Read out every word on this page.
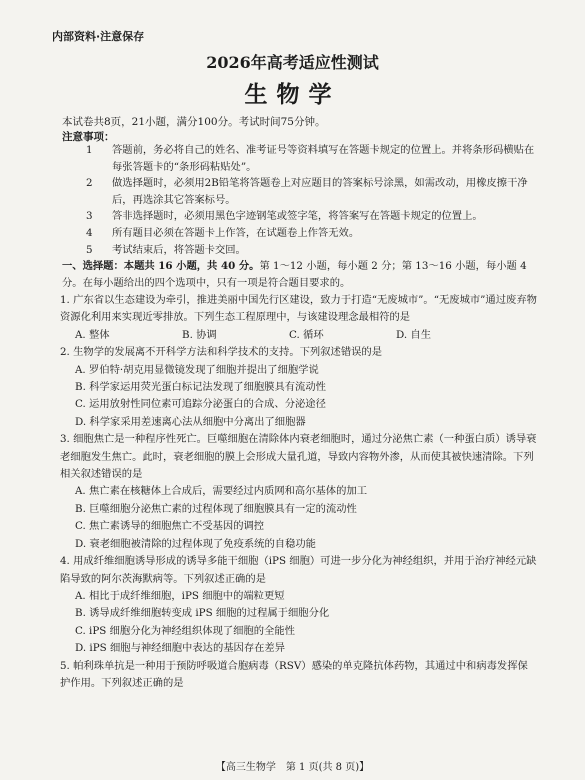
内部资料·注意保存
2026年高考适应性测试
生物学
本试卷共8页，21小题，满分100分。考试时间75分钟。
注意事项：
1	答题前，务必将自己的姓名、准考证号等资料填写在答题卡规定的位置上。并将条形码横贴在每张答题卡的“条形码粘贴处”。
2	做选择题时，必须用2B铅笔将答题卷上对应题目的答案标号涂黑，如需改动，用橡皮擦干净后，再选涂其它答案标号。
3	答非选择题时，必须用黑色字迹钢笔或签字笔，将答案写在答题卡规定的位置上。
4	所有题目必须在答题卡上作答，在试题卷上作答无效。
5	考试结束后，将答题卡交回。
一、选择题：本题共 16 小题，共 40 分。第 1～12 小题，每小题 2 分；第 13～16 小题，每小题 4 分。在每小题给出的四个选项中，只有一项是符合题目要求的。

1. 广东省以生态建设为牵引，推进美丽中国先行区建设，致力于打造“无废城市”。“无废城市”通过废弃物资源化利用来实现近零排放。下列生态工程原理中，与该建设理念最相符的是

A. 整体	B. 协调	C. 循环	D. 自生

2. 生物学的发展离不开科学方法和科学技术的支持。下列叙述错误的是

A. 罗伯特·胡克用显微镜发现了细胞并提出了细胞学说
B. 科学家运用荧光蛋白标记法发现了细胞膜具有流动性
C. 运用放射性同位素可追踪分泌蛋白的合成、分泌途径
D. 科学家采用差速离心法从细胞中分离出了细胞器

3. 细胞焦亡是一种程序性死亡。巨噬细胞在清除体内衰老细胞时，通过分泌焦亡素（一种蛋白质）诱导衰老细胞发生焦亡。此时，衰老细胞的膜上会形成大量孔道，导致内容物外渗，从而使其被快速清除。下列相关叙述错误的是

A. 焦亡素在核糖体上合成后，需要经过内质网和高尔基体的加工
B. 巨噬细胞分泌焦亡素的过程体现了细胞膜具有一定的流动性
C. 焦亡素诱导的细胞焦亡不受基因的调控
D. 衰老细胞被清除的过程体现了免疫系统的自稳功能

4. 用成纤维细胞诱导形成的诱导多能干细胞（iPS 细胞）可进一步分化为神经组织，并用于治疗神经元缺陷导致的阿尔茨海默病等。下列叙述正确的是

A. 相比于成纤维细胞，iPS 细胞中的端粒更短
B. 诱导成纤维细胞转变成 iPS 细胞的过程属于细胞分化
C. iPS 细胞分化为神经组织体现了细胞的全能性
D. iPS 细胞与神经细胞中表达的基因存在差异

5. 帕利珠单抗是一种用于预防呼吸道合胞病毒（RSV）感染的单克隆抗体药物，其通过中和病毒发挥保护作用。下列叙述正确的是

【高三生物学　第 1 页(共 8 页)】
